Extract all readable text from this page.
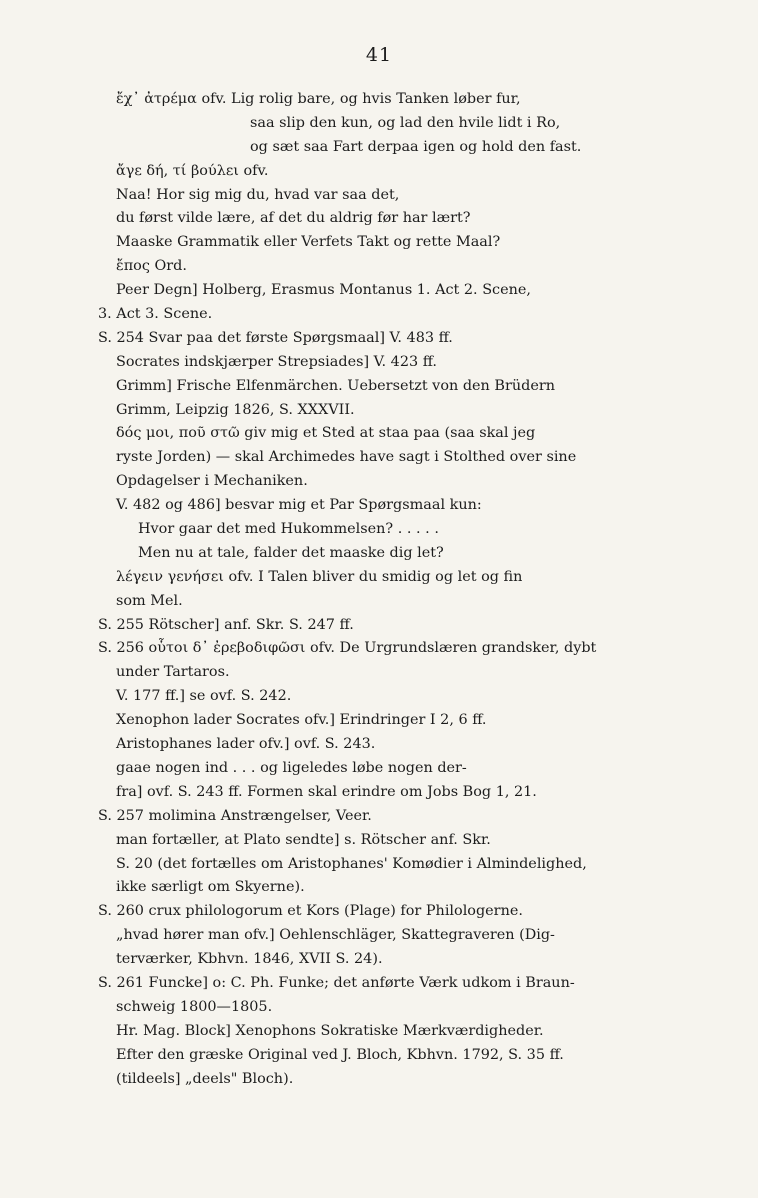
41
ἔχ᾽ ἀτρέμα ofv. Lig rolig bare, og hvis Tanken løber fur,
saa slip den kun, og lad den hvile lidt i Ro,
og sæt saa Fart derpaa igen og hold den fast.
ἄγε δή, τί βούλει ofv.
Naa! Hor sig mig du, hvad var saa det,
du først vilde lære, af det du aldrig før har lært?
Maaske Grammatik eller Verfets Takt og rette Maal?
ἔπος Ord.
Peer Degn] Holberg, Erasmus Montanus 1. Act 2. Scene,
3. Act 3. Scene.
S. 254 Svar paa det første Spørgsmaal] V. 483 ff.
Socrates indskjærper Strepsiades] V. 423 ff.
Grimm] Frische Elfenmärchen. Uebersetzt von den Brüdern
Grimm, Leipzig 1826, S. XXXVII.
δός μοι, ποῦ στῶ giv mig et Sted at staa paa (saa skal jeg
ryste Jorden) — skal Archimedes have sagt i Stolthed over sine
Opdagelser i Mechaniken.
V. 482 og 486] besvar mig et Par Spørgsmaal kun:
Hvor gaar det med Hukommelsen? . . . . .
Men nu at tale, falder det maaske dig let?
λέγειν γενήσει ofv. I Talen bliver du smidig og let og fin
som Mel.
S. 255 Rötscher] anf. Skr. S. 247 ff.
S. 256 οὗτοι δ᾽ ἐρεβοδιφῶσι ofv. De Urgrundslæren grandsker, dybt
under Tartaros.
V. 177 ff.] se ovf. S. 242.
Xenophon lader Socrates ofv.] Erindringer I 2, 6 ff.
Aristophanes lader ofv.] ovf. S. 243.
gaae nogen ind . . . og ligeledes løbe nogen der-
fra] ovf. S. 243 ff. Formen skal erindre om Jobs Bog 1, 21.
S. 257 molimina Anstrængelser, Veer.
man fortæller, at Plato sendte] s. Rötscher anf. Skr.
S. 20 (det fortælles om Aristophanes' Komødier i Almindelighed,
ikke særligt om Skyerne).
S. 260 crux philologorum et Kors (Plage) for Philologerne.
„hvad hører man ofv.] Oehlenschläger, Skattegraveren (Dig-
terværker, Kbhvn. 1846, XVII S. 24).
S. 261 Funcke] o: C. Ph. Funke; det anførte Værk udkom i Braun-
schweig 1800—1805.
Hr. Mag. Block] Xenophons Sokratiske Mærkværdigheder.
Efter den græske Original ved J. Bloch, Kbhvn. 1792, S. 35 ff.
(tildeels] „deels" Bloch).
